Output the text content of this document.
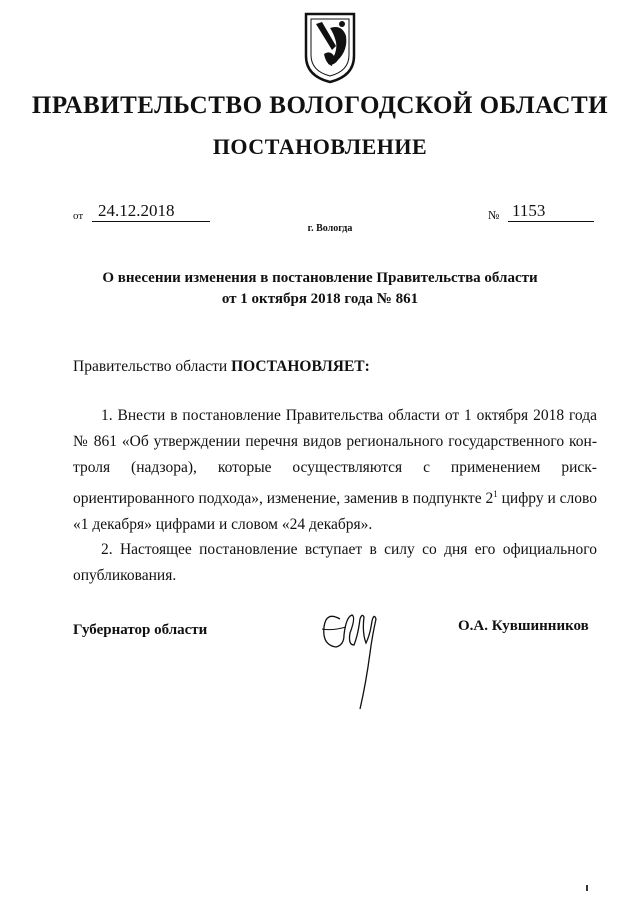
ПРАВИТЕЛЬСТВО ВОЛОГОДСКОЙ ОБЛАСТИ
ПОСТАНОВЛЕНИЕ
от 24.12.2018	№ 1153
г. Вологда
О внесении изменения в постановление Правительства области
от 1 октября 2018 года № 861
Правительство области ПОСТАНОВЛЯЕТ:
1. Внести в постановление Правительства области от 1 октября 2018 года
№ 861 «Об утверждении перечня видов регионального государственного кон-
троля (надзора), которые осуществляются с применением риск-
ориентированного подхода», изменение, заменив в подпункте $2^1$ цифру и слово
«1 декабря» цифрами и словом «24 декабря».
2. Настоящее постановление вступает в силу со дня его официального
опубликования.
Губернатор области	О.А. Кувшинников
